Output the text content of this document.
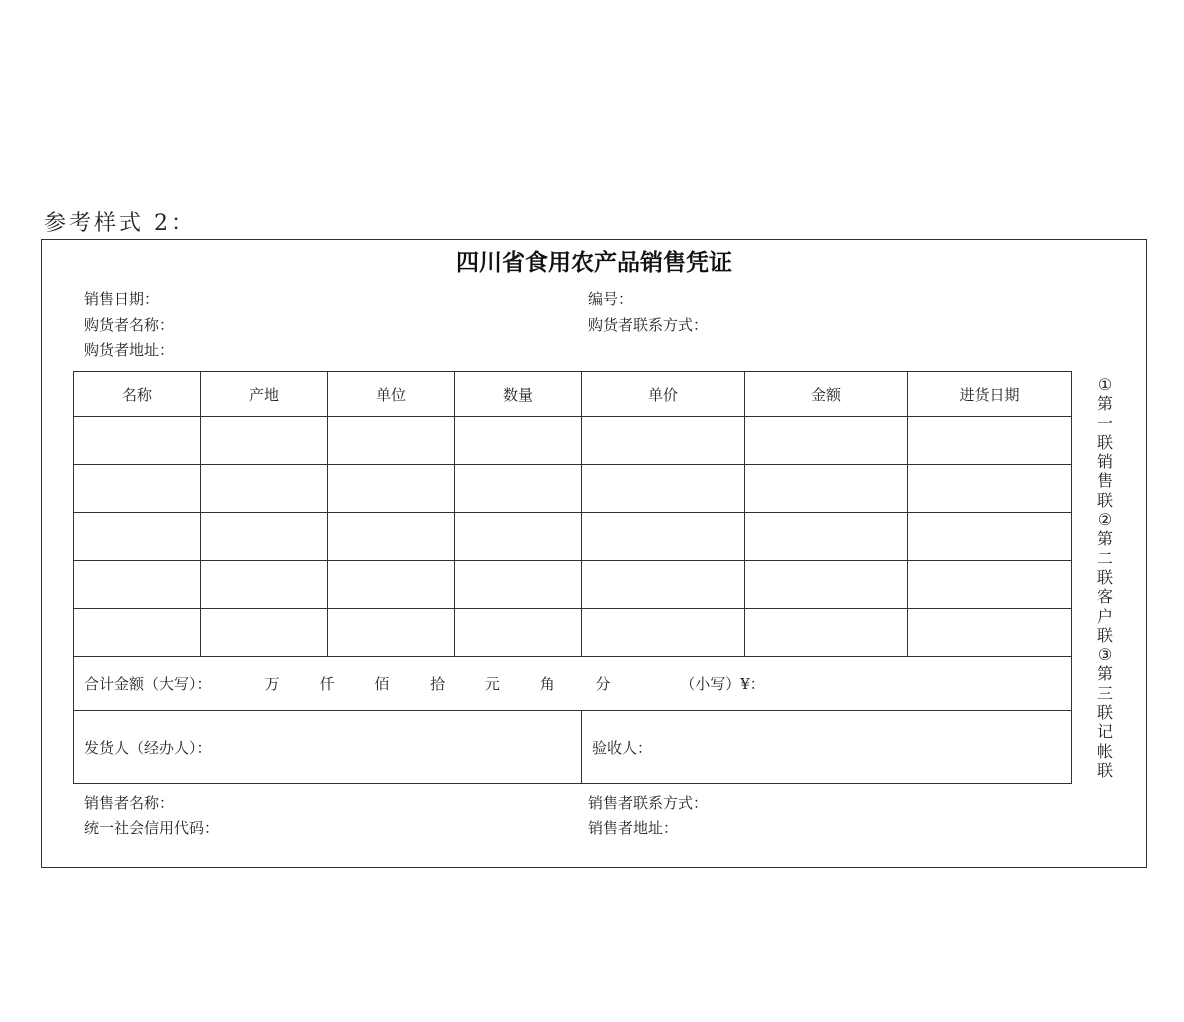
参考样式 2：
四川省食用农产品销售凭证
销售日期：	编号：
购货者名称：	购货者联系方式：
购货者地址：
名称	产地	单位	数量	单价	金额	进货日期

合计金额（大写）： 万 仟 佰 拾 元 角 分 （小写）¥：						
发货人（经办人）：				验收人：		
销售者名称：	销售者联系方式：
统一社会信用代码：	销售者地址：
①
第
一
联
销
售
联
②
第
二
联
客
户
联
③
第
三
联
记
帐
联
